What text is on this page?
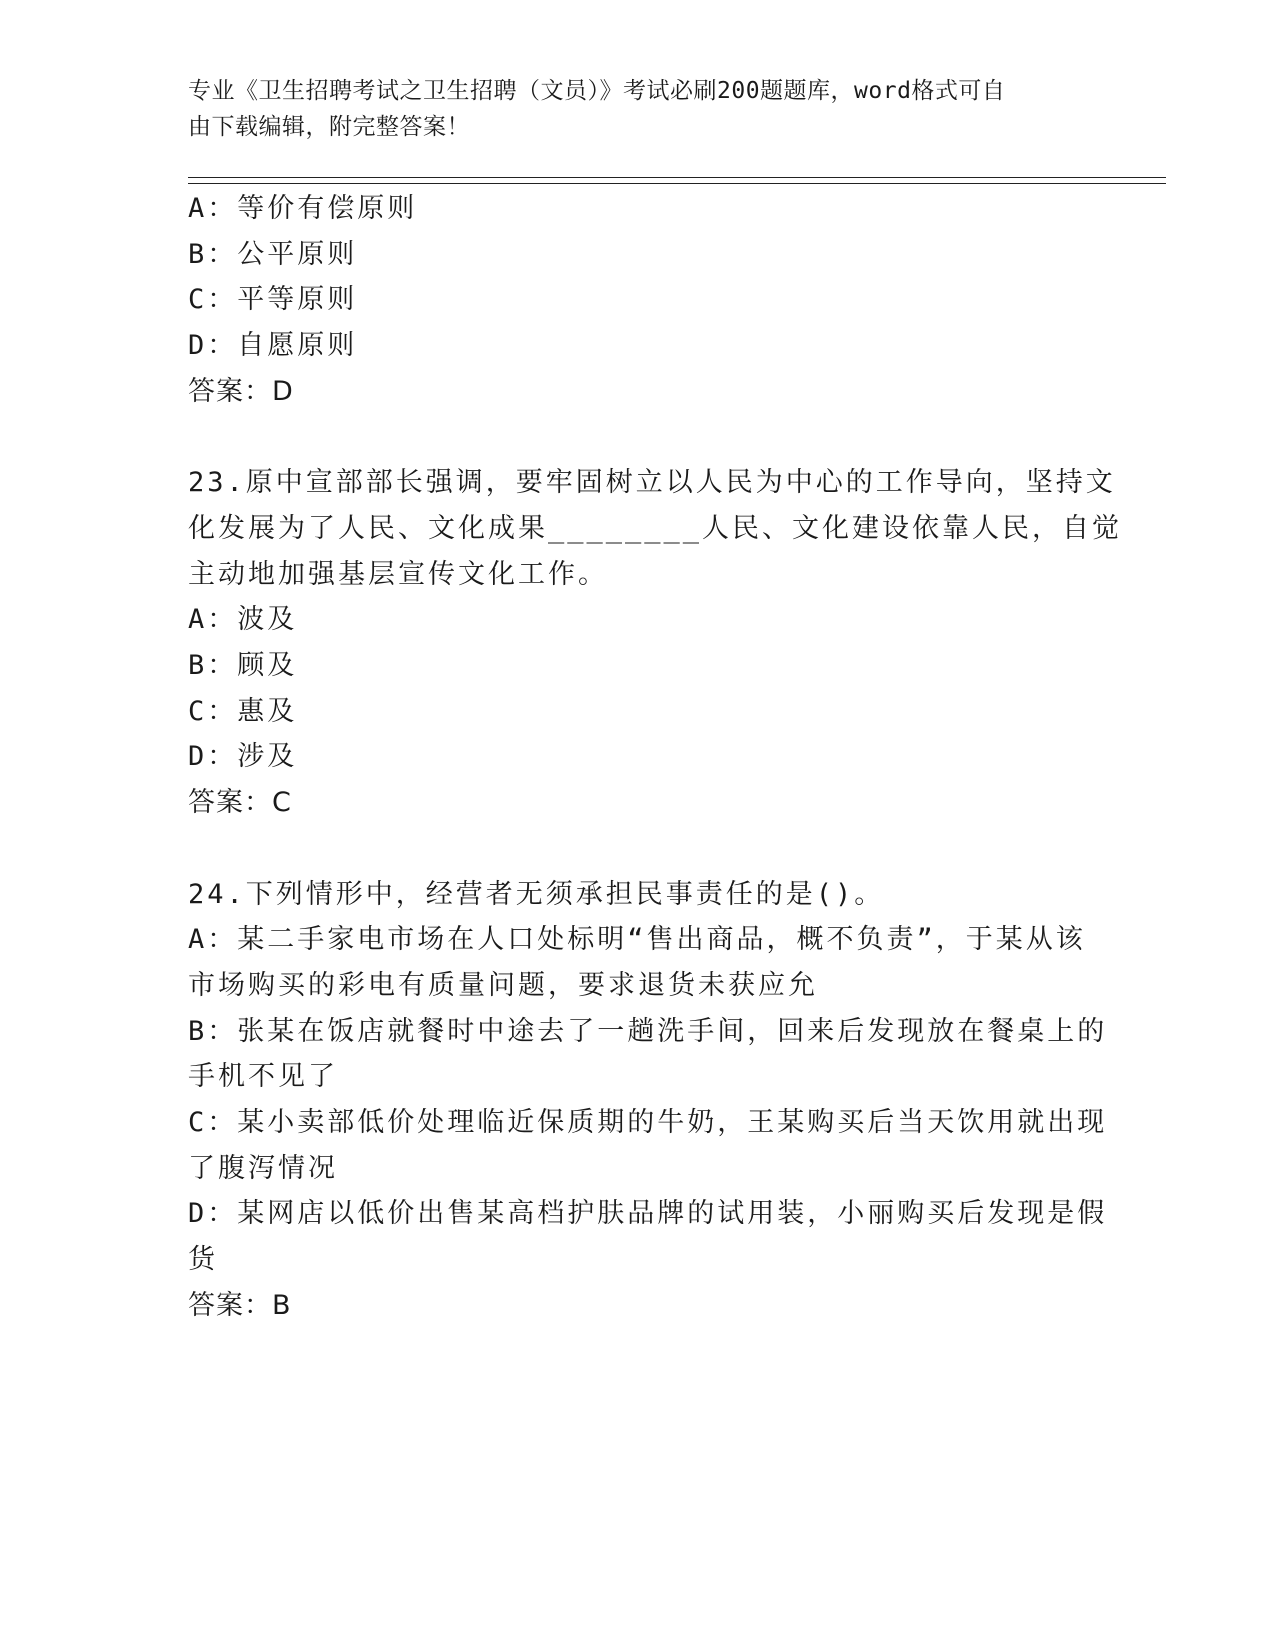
专业《卫生招聘考试之卫生招聘（文员）》考试必刷200题题库，word格式可自
由下载编辑，附完整答案！
A：等价有偿原则
B：公平原则
C：平等原则
D：自愿原则
答案：D
23.原中宣部部长强调，要牢固树立以人民为中心的工作导向，坚持文
化发展为了人民、文化成果________人民、文化建设依靠人民，自觉
主动地加强基层宣传文化工作。
A：波及
B：顾及
C：惠及
D：涉及
答案：C
24.下列情形中，经营者无须承担民事责任的是()。
A：某二手家电市场在人口处标明“售出商品，概不负责”，于某从该
市场购买的彩电有质量问题，要求退货未获应允
B：张某在饭店就餐时中途去了一趟洗手间，回来后发现放在餐桌上的
手机不见了
C：某小卖部低价处理临近保质期的牛奶，王某购买后当天饮用就出现
了腹泻情况
D：某网店以低价出售某高档护肤品牌的试用装，小丽购买后发现是假
货
答案：B
